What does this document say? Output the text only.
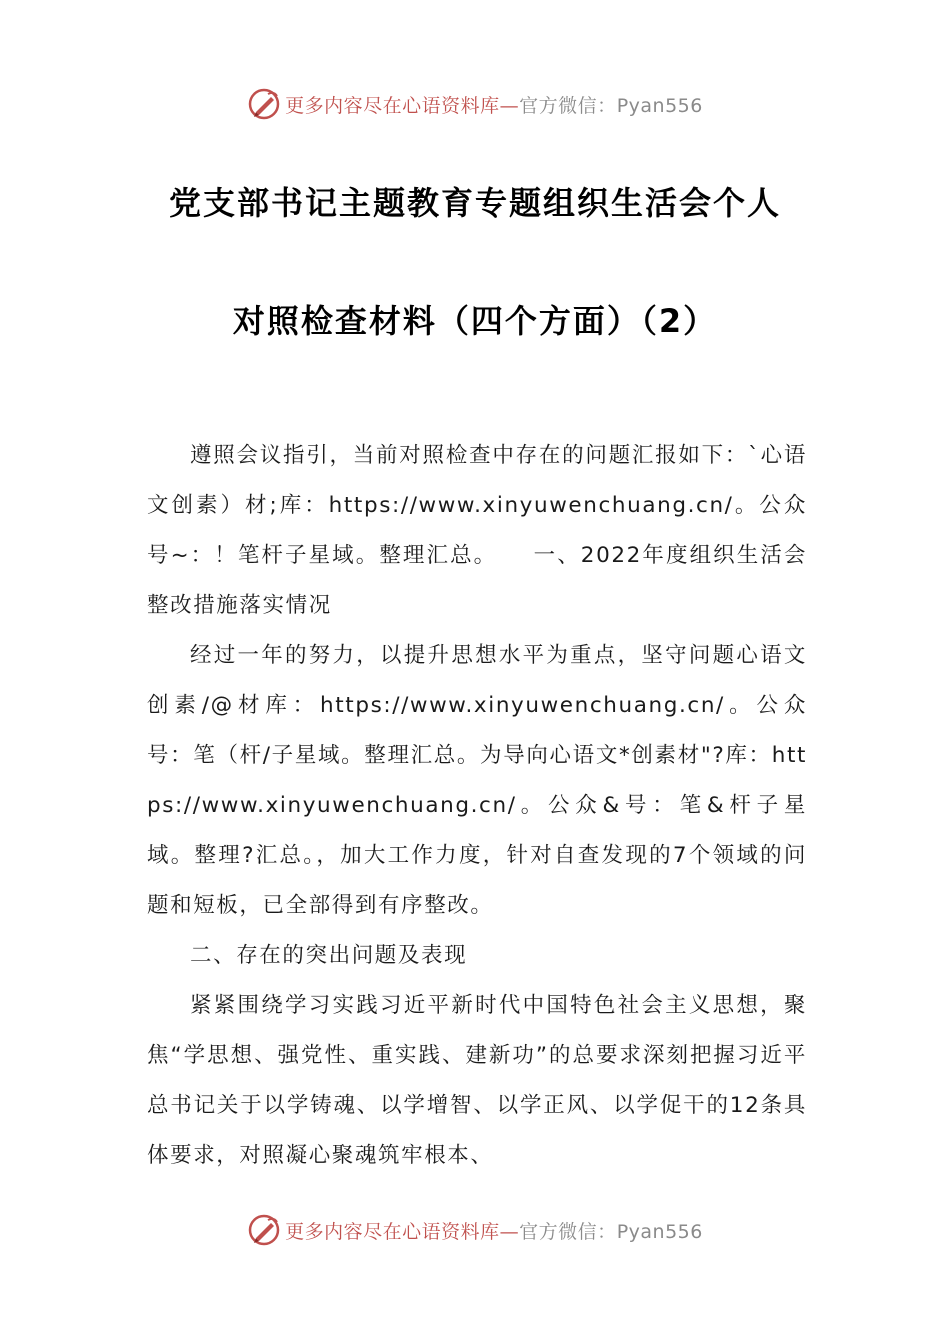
更多内容尽在心语资料库—官方微信：Pyan556
党支部书记主题教育专题组织生活会个人
对照检查材料（四个方面）（2）

遵照会议指引，当前对照检查中存在的问题汇报如下：`心语文创素）材;库：https://www.xinyuwenchuang.cn/。公众号~：！笔杆子星域。整理汇总。　　一、2022年度组织生活会整改措施落实情况

经过一年的努力，以提升思想水平为重点，坚守问题心语文创素/@材库：https://www.xinyuwenchuang.cn/。公众号：笔（杆/子星域。整理汇总。为导向心语文*创素材"?库：https://www.xinyuwenchuang.cn/。公众&号：笔&杆子星域。整理?汇总。，加大工作力度，针对自查发现的7个领域的问题和短板，已全部得到有序整改。

二、存在的突出问题及表现

紧紧围绕学习实践习近平新时代中国特色社会主义思想，聚焦“学思想、强党性、重实践、建新功”的总要求深刻把握习近平总书记关于以学铸魂、以学增智、以学正风、以学促干的12条具体要求，对照凝心聚魂筑牢根本、

更多内容尽在心语资料库—官方微信：Pyan556
